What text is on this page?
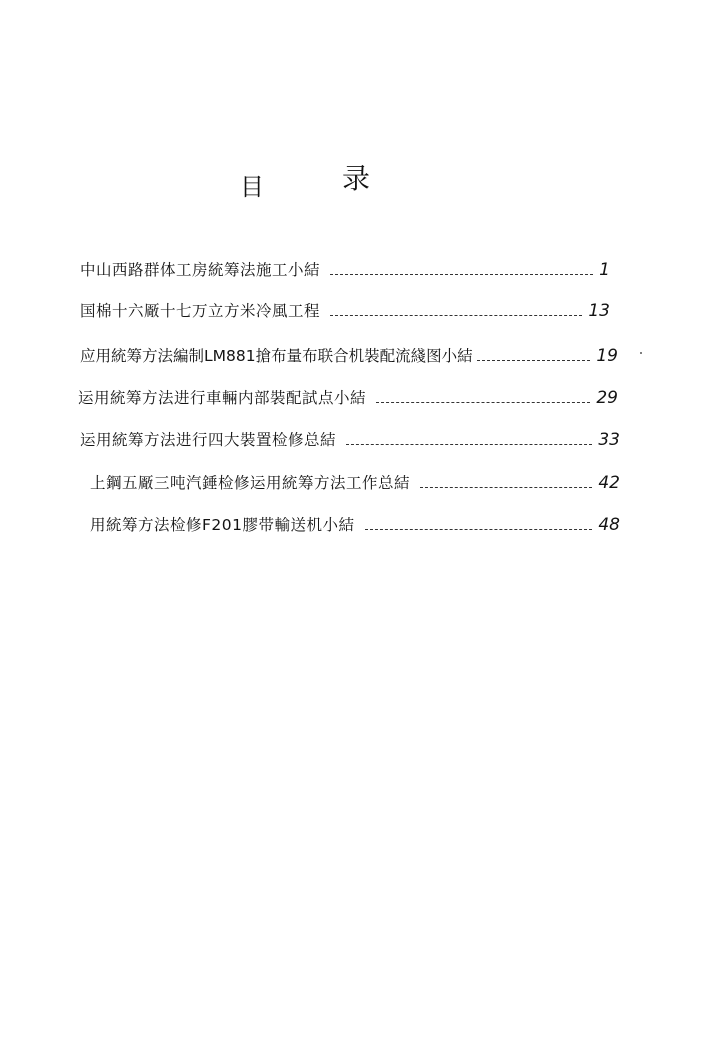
目	录
中山西路群体工房統筹法施工小結	1
国棉十六厰十七万立方米冷風工程	13
应用統筹方法編制LM881搶布量布联合机裝配流綫图小結	19
运用統筹方法进行車輛内部裝配試点小結	29
运用統筹方法进行四大裝置检修总結	33
上鋼五厰三吨汽錘检修运用統筹方法工作总結	42
用統筹方法检修F201膠带輸送机小結	48
